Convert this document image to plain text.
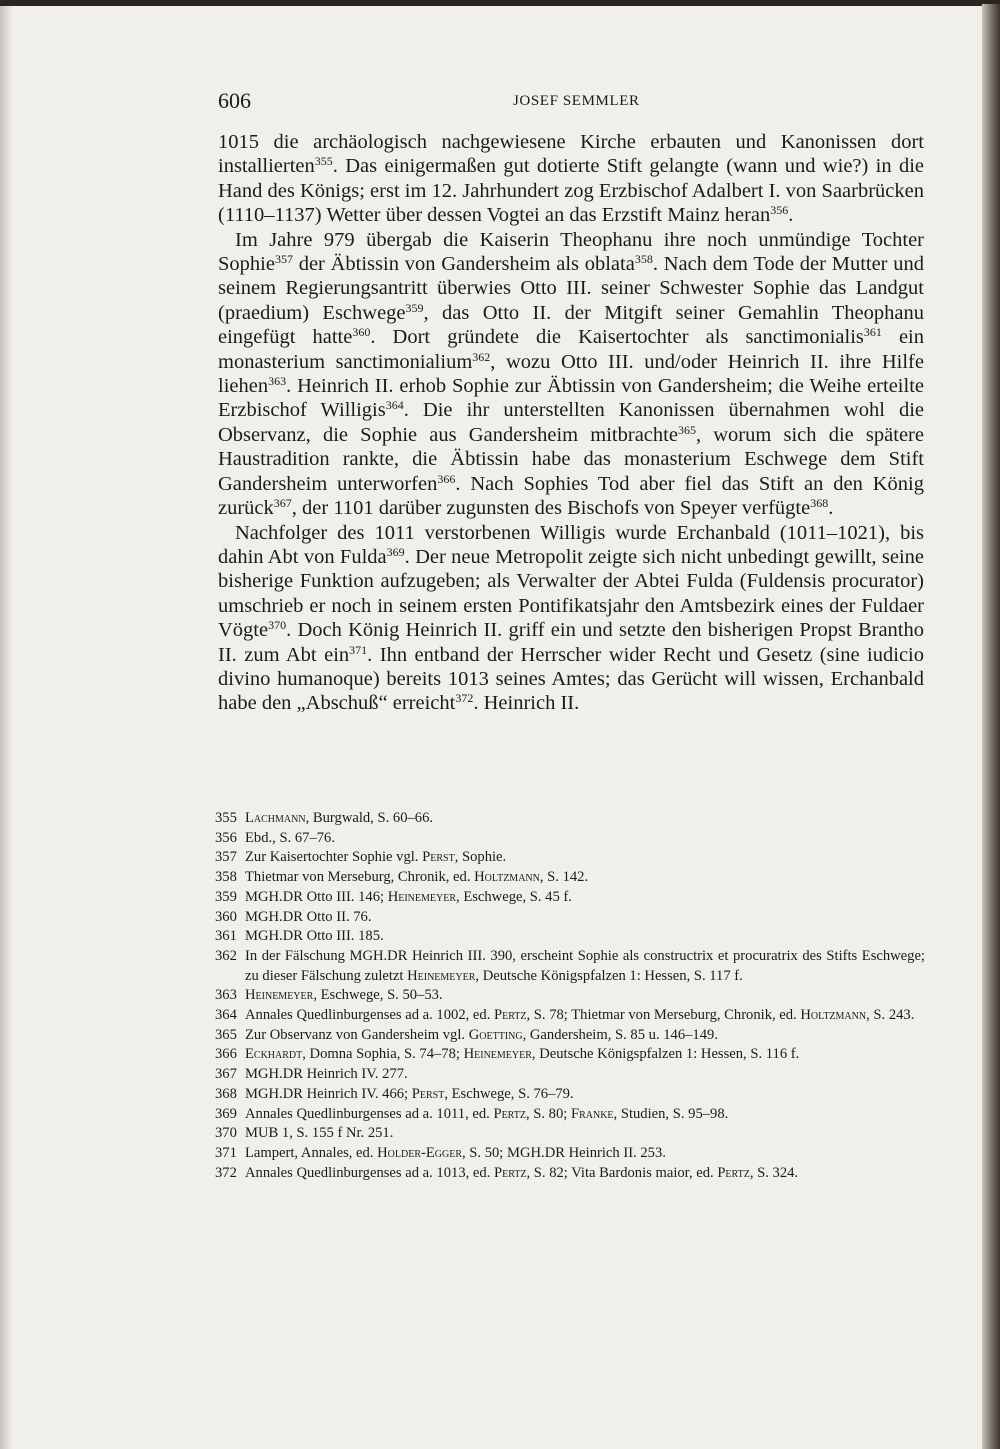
606	JOSEF SEMMLER

1015 die archäologisch nachgewiesene Kirche erbauten und Kanonissen dort installierten$^{355}$. Das einigermaßen gut dotierte Stift gelangte (wann und wie?) in die Hand des Königs; erst im 12. Jahrhundert zog Erzbischof Adalbert I. von Saarbrücken (1110–1137) Wetter über dessen Vogtei an das Erzstift Mainz heran$^{356}$.

Im Jahre 979 übergab die Kaiserin Theophanu ihre noch unmündige Tochter Sophie$^{357}$ der Äbtissin von Gandersheim als oblata$^{358}$. Nach dem Tode der Mutter und seinem Regierungsantritt überwies Otto III. seiner Schwester Sophie das Landgut (praedium) Eschwege$^{359}$, das Otto II. der Mitgift seiner Gemahlin Theophanu eingefügt hatte$^{360}$. Dort gründete die Kaisertochter als sanctimonialis$^{361}$ ein monasterium sanctimonialium$^{362}$, wozu Otto III. und/oder Heinrich II. ihre Hilfe liehen$^{363}$. Heinrich II. erhob Sophie zur Äbtissin von Gandersheim; die Weihe erteilte Erzbischof Willigis$^{364}$. Die ihr unterstellten Kanonissen übernahmen wohl die Observanz, die Sophie aus Gandersheim mitbrachte$^{365}$, worum sich die spätere Haustradition rankte, die Äbtissin habe das monasterium Eschwege dem Stift Gandersheim unterworfen$^{366}$. Nach Sophies Tod aber fiel das Stift an den König zurück$^{367}$, der 1101 darüber zugunsten des Bischofs von Speyer verfügte$^{368}$.

Nachfolger des 1011 verstorbenen Willigis wurde Erchanbald (1011–1021), bis dahin Abt von Fulda$^{369}$. Der neue Metropolit zeigte sich nicht unbedingt gewillt, seine bisherige Funktion aufzugeben; als Verwalter der Abtei Fulda (Fuldensis procurator) umschrieb er noch in seinem ersten Pontifikatsjahr den Amtsbezirk eines der Fuldaer Vögte$^{370}$. Doch König Heinrich II. griff ein und setzte den bisherigen Propst Brantho II. zum Abt ein$^{371}$. Ihn entband der Herrscher wider Recht und Gesetz (sine iudicio divino humanoque) bereits 1013 seines Amtes; das Gerücht will wissen, Erchanbald habe den „Abschuß“ erreicht$^{372}$. Heinrich II.

355 Lachmann, Burgwald, S. 60–66.
356 Ebd., S. 67–76.
357 Zur Kaisertochter Sophie vgl. Perst, Sophie.
358 Thietmar von Merseburg, Chronik, ed. Holtzmann, S. 142.
359 MGH.DR Otto III. 146; Heinemeyer, Eschwege, S. 45 f.
360 MGH.DR Otto II. 76.
361 MGH.DR Otto III. 185.
362 In der Fälschung MGH.DR Heinrich III. 390, erscheint Sophie als constructrix et procuratrix des Stifts Eschwege; zu dieser Fälschung zuletzt Heinemeyer, Deutsche Königspfalzen 1: Hessen, S. 117 f.
363 Heinemeyer, Eschwege, S. 50–53.
364 Annales Quedlinburgenses ad a. 1002, ed. Pertz, S. 78; Thietmar von Merseburg, Chronik, ed. Holtzmann, S. 243.
365 Zur Observanz von Gandersheim vgl. Goetting, Gandersheim, S. 85 u. 146–149.
366 Eckhardt, Domna Sophia, S. 74–78; Heinemeyer, Deutsche Königspfalzen 1: Hessen, S. 116 f.
367 MGH.DR Heinrich IV. 277.
368 MGH.DR Heinrich IV. 466; Perst, Eschwege, S. 76–79.
369 Annales Quedlinburgenses ad a. 1011, ed. Pertz, S. 80; Franke, Studien, S. 95–98.
370 MUB 1, S. 155 f Nr. 251.
371 Lampert, Annales, ed. Holder-Egger, S. 50; MGH.DR Heinrich II. 253.
372 Annales Quedlinburgenses ad a. 1013, ed. Pertz, S. 82; Vita Bardonis maior, ed. Pertz, S. 324.
